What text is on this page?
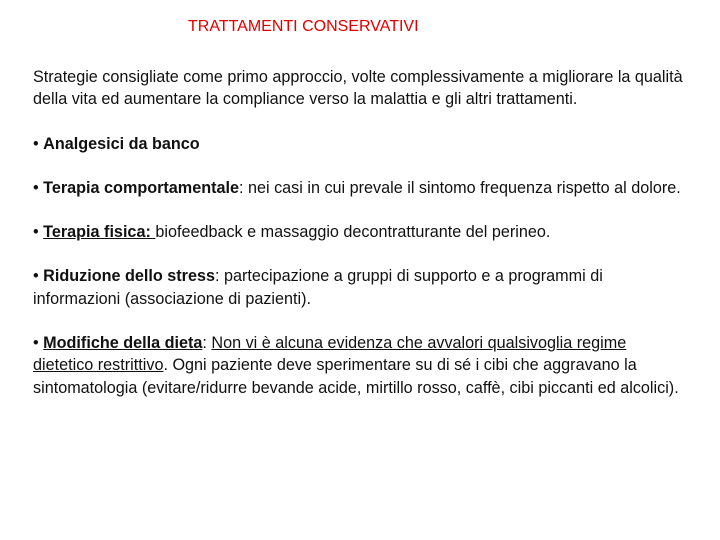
TRATTAMENTI CONSERVATIVI

Strategie consigliate come primo approccio, volte complessivamente a migliorare la qualità della vita ed aumentare la compliance verso la malattia e gli altri trattamenti.

• Analgesici da banco

• Terapia comportamentale: nei casi in cui prevale il sintomo frequenza rispetto al dolore.

• Terapia fisica: biofeedback e massaggio decontratturante del perineo.

• Riduzione dello stress: partecipazione a gruppi di supporto e a programmi di informazioni (associazione di pazienti).

• Modifiche della dieta: Non vi è alcuna evidenza che avvalori qualsivoglia regime dietetico restrittivo. Ogni paziente deve sperimentare su di sé i cibi che aggravano la sintomatologia (evitare/ridurre bevande acide, mirtillo rosso, caffè, cibi piccanti ed alcolici).
